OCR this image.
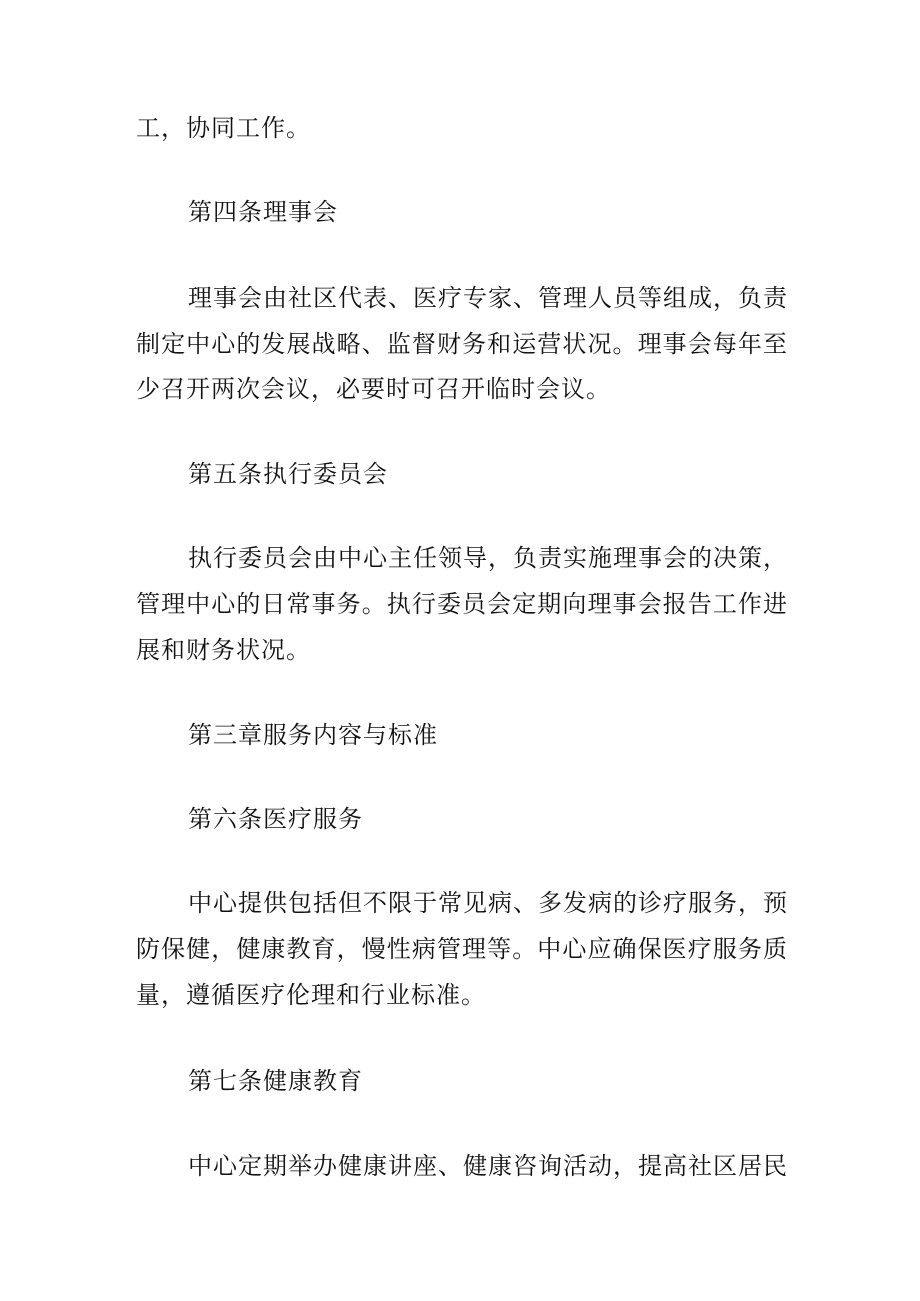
工，协同工作。
第四条理事会
理事会由社区代表、医疗专家、管理人员等组成，负责
制定中心的发展战略、监督财务和运营状况。理事会每年至
少召开两次会议，必要时可召开临时会议。
第五条执行委员会
执行委员会由中心主任领导，负责实施理事会的决策，
管理中心的日常事务。执行委员会定期向理事会报告工作进
展和财务状况。
第三章服务内容与标准
第六条医疗服务
中心提供包括但不限于常见病、多发病的诊疗服务，预
防保健，健康教育，慢性病管理等。中心应确保医疗服务质
量，遵循医疗伦理和行业标准。
第七条健康教育
中心定期举办健康讲座、健康咨询活动，提高社区居民
